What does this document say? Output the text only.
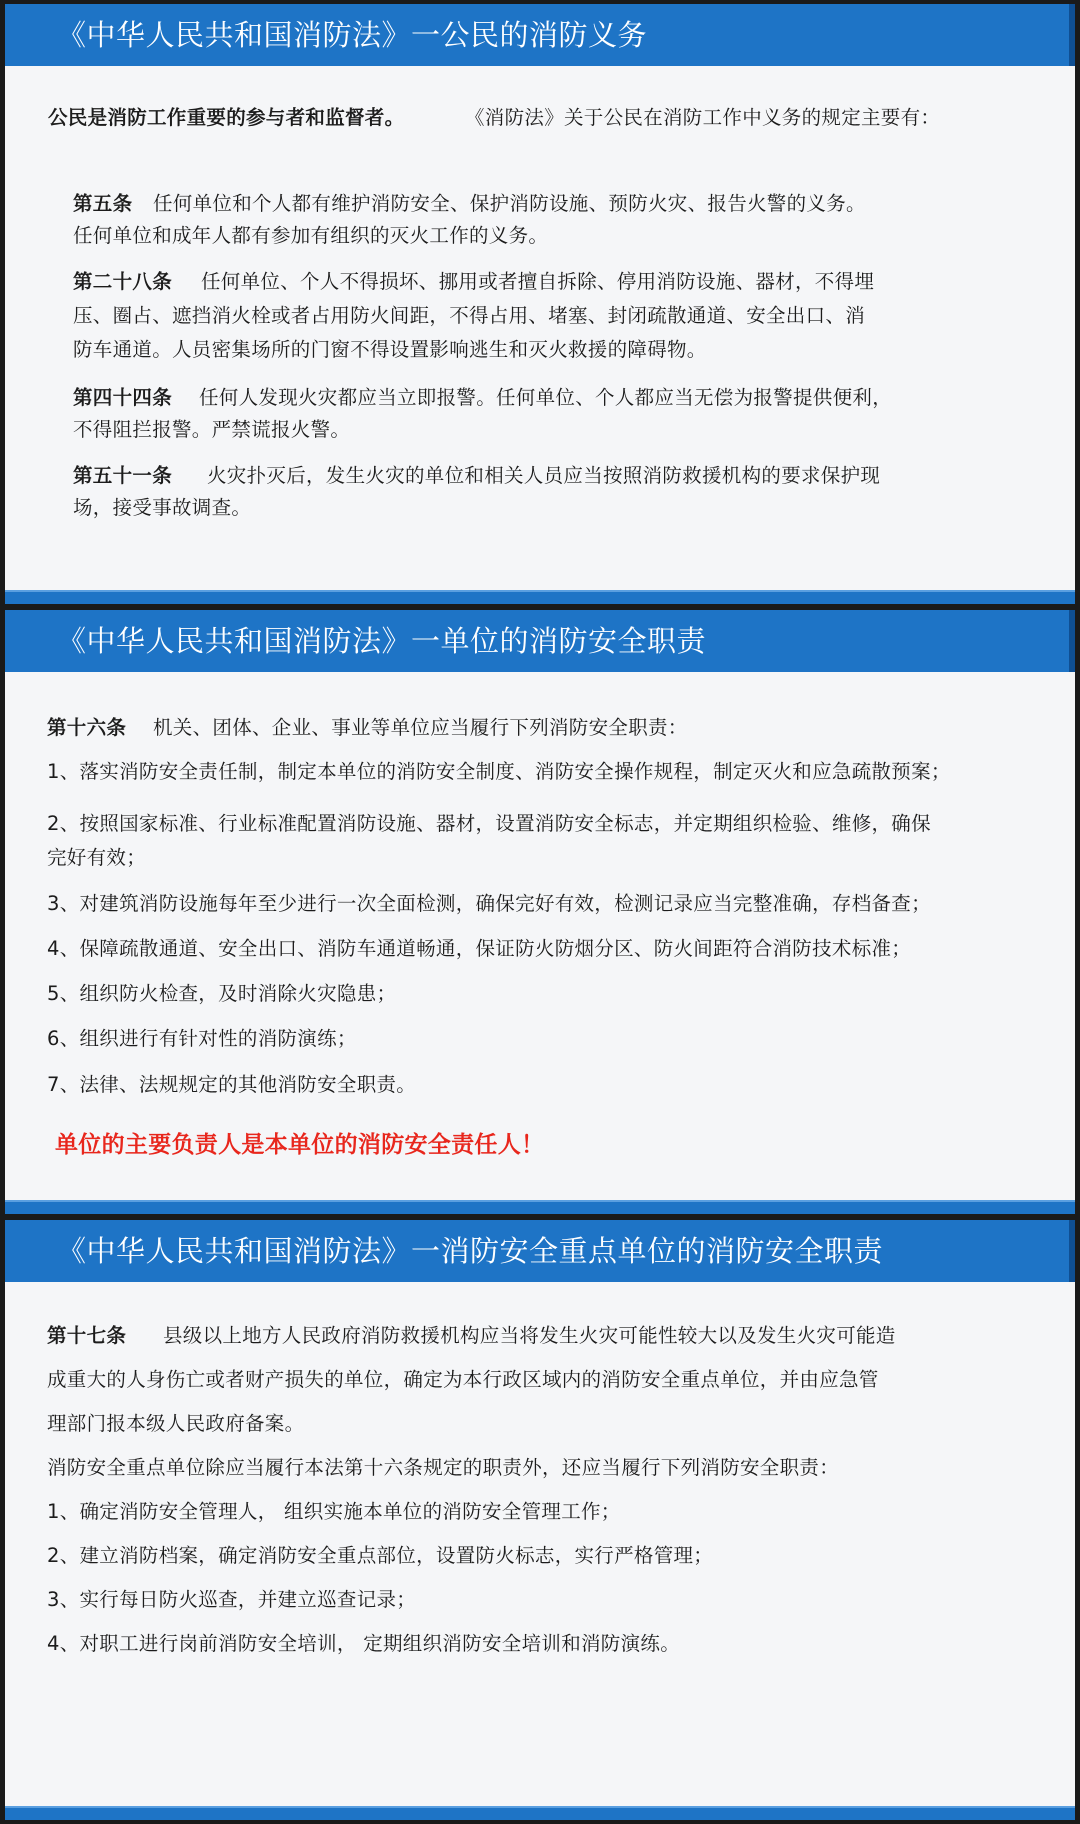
《中华人民共和国消防法》一公民的消防义务
公民是消防工作重要的参与者和监督者。	《消防法》关于公民在消防工作中义务的规定主要有：
第五条 任何单位和个人都有维护消防安全、保护消防设施、预防火灾、报告火警的义务。
任何单位和成年人都有参加有组织的灭火工作的义务。
第二十八条 任何单位、个人不得损坏、挪用或者擅自拆除、停用消防设施、器材，不得埋
压、圈占、遮挡消火栓或者占用防火间距，不得占用、堵塞、封闭疏散通道、安全出口、消
防车通道。人员密集场所的门窗不得设置影响逃生和灭火救援的障碍物。
第四十四条 任何人发现火灾都应当立即报警。任何单位、个人都应当无偿为报警提供便利，
不得阻拦报警。严禁谎报火警。
第五十一条 火灾扑灭后，发生火灾的单位和相关人员应当按照消防救援机构的要求保护现
场，接受事故调查。
《中华人民共和国消防法》一单位的消防安全职责
第十六条 机关、团体、企业、事业等单位应当履行下列消防安全职责：
1、落实消防安全责任制，制定本单位的消防安全制度、消防安全操作规程，制定灭火和应急疏散预案；
2、按照国家标准、行业标准配置消防设施、器材，设置消防安全标志，并定期组织检验、维修，确保
完好有效；
3、对建筑消防设施每年至少进行一次全面检测，确保完好有效，检测记录应当完整准确，存档备查；
4、保障疏散通道、安全出口、消防车通道畅通，保证防火防烟分区、防火间距符合消防技术标准；
5、组织防火检查，及时消除火灾隐患；
6、组织进行有针对性的消防演练；
7、法律、法规规定的其他消防安全职责。
单位的主要负责人是本单位的消防安全责任人！
《中华人民共和国消防法》一消防安全重点单位的消防安全职责
第十七条 县级以上地方人民政府消防救援机构应当将发生火灾可能性较大以及发生火灾可能造
成重大的人身伤亡或者财产损失的单位，确定为本行政区域内的消防安全重点单位，并由应急管
理部门报本级人民政府备案。
消防安全重点单位除应当履行本法第十六条规定的职责外，还应当履行下列消防安全职责：
1、确定消防安全管理人， 组织实施本单位的消防安全管理工作；
2、建立消防档案，确定消防安全重点部位，设置防火标志，实行严格管理；
3、实行每日防火巡查，并建立巡查记录；
4、对职工进行岗前消防安全培训， 定期组织消防安全培训和消防演练。
